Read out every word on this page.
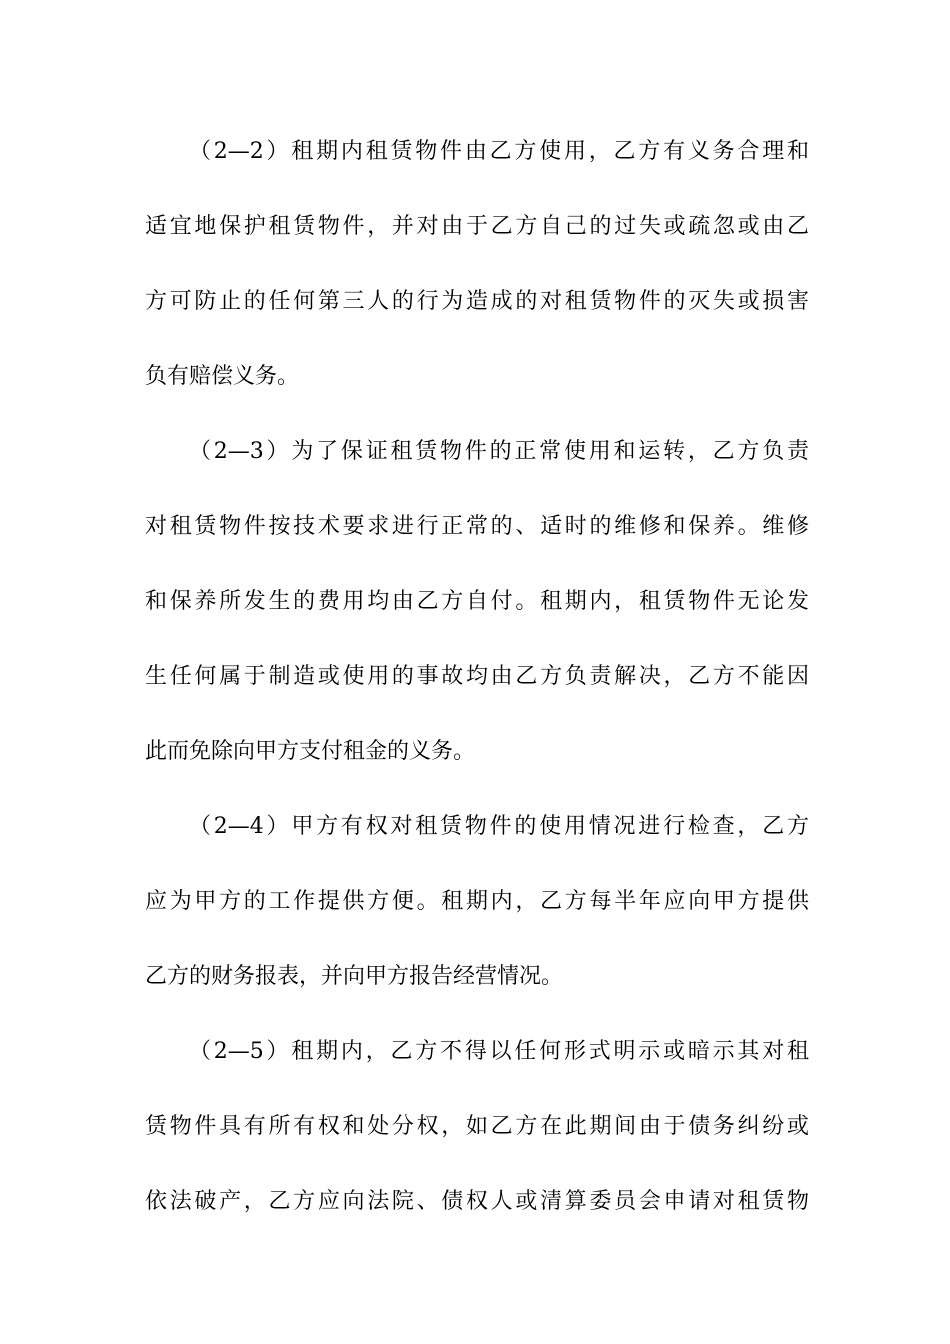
（2—2）租期内租赁物件由乙方使用，乙方有义务合理和
适宜地保护租赁物件，并对由于乙方自己的过失或疏忽或由乙
方可防止的任何第三人的行为造成的对租赁物件的灭失或损害
负有赔偿义务。
（2—3）为了保证租赁物件的正常使用和运转，乙方负责
对租赁物件按技术要求进行正常的、适时的维修和保养。维修
和保养所发生的费用均由乙方自付。租期内，租赁物件无论发
生任何属于制造或使用的事故均由乙方负责解决，乙方不能因
此而免除向甲方支付租金的义务。
（2—4）甲方有权对租赁物件的使用情况进行检查，乙方
应为甲方的工作提供方便。租期内，乙方每半年应向甲方提供
乙方的财务报表，并向甲方报告经营情况。
（2—5）租期内，乙方不得以任何形式明示或暗示其对租
赁物件具有所有权和处分权，如乙方在此期间由于债务纠纷或
依法破产，乙方应向法院、债权人或清算委员会申请对租赁物
